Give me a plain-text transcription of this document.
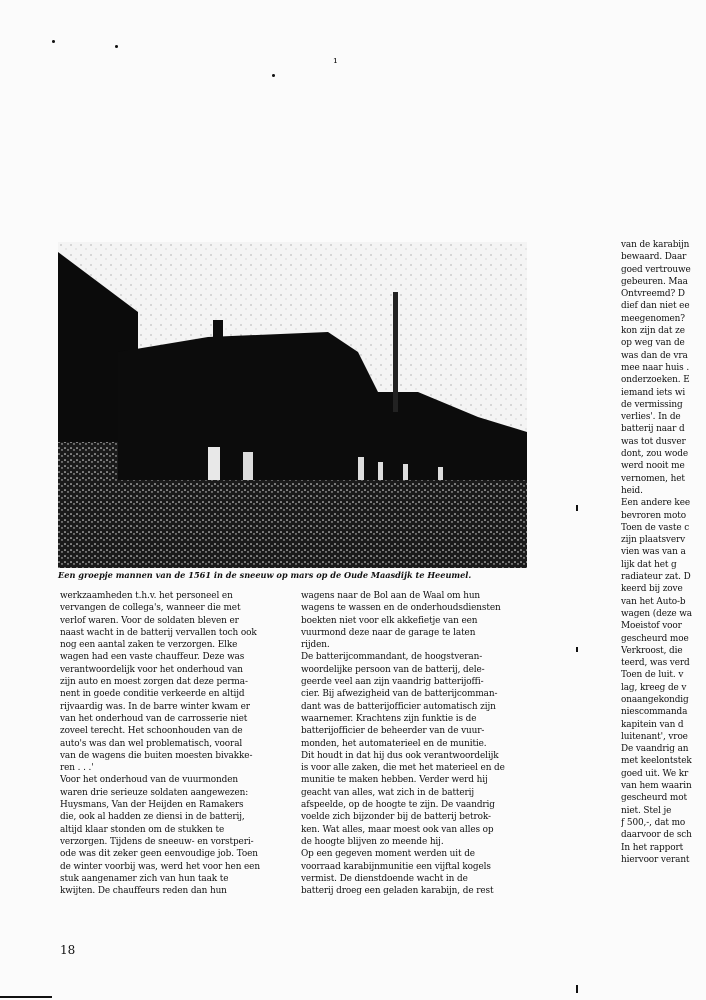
¹
Een groepje mannen van de 1561 in de sneeuw op mars op de Oude Maasdijk te Heeumel.
werkzaamheden t.h.v. het personeel en
vervangen de collega's, wanneer die met
verlof waren. Voor de soldaten bleven er
naast wacht in de batterij vervallen toch ook
nog een aantal zaken te verzorgen. Elke
wagen had een vaste chauffeur. Deze was
verantwoordelijk voor het onderhoud van
zijn auto en moest zorgen dat deze perma-
nent in goede conditie verkeerde en altijd
rijvaardig was. In de barre winter kwam er
van het onderhoud van de carrosserie niet
zoveel terecht. Het schoonhouden van de
auto's was dan wel problematisch, vooral
van de wagens die buiten moesten bivakke-
ren . . .'
Voor het onderhoud van de vuurmonden
waren drie serieuze soldaten aangewezen:
Huysmans, Van der Heijden en Ramakers
die, ook al hadden ze diensi in de batterij,
altijd klaar stonden om de stukken te
verzorgen. Tijdens de sneeuw- en vorstperi-
ode was dit zeker geen eenvoudige job. Toen
de winter voorbij was, werd het voor hen een
stuk aangenamer zich van hun taak te
kwijten. De chauffeurs reden dan hun
wagens naar de Bol aan de Waal om hun
wagens te wassen en de onderhoudsdiensten
boekten niet voor elk akkefietje van een
vuurmond deze naar de garage te laten
rijden.
De batterijcommandant, de hoogstveran-
woordelijke persoon van de batterij, dele-
geerde veel aan zijn vaandrig batterijoffi-
cier. Bij afwezigheid van de batterijcomman-
dant was de batterijofficier automatisch zijn
waarnemer. Krachtens zijn funktie is de
batterijofficier de beheerder van de vuur-
monden, het automaterieel en de munitie.
Dit houdt in dat hij dus ook verantwoordelijk
is voor alle zaken, die met het materieel en de
munitie te maken hebben. Verder werd hij
geacht van alles, wat zich in de batterij
afspeelde, op de hoogte te zijn. De vaandrig
voelde zich bijzonder bij de batterij betrok-
ken. Wat alles, maar moest ook van alles op
de hoogte blijven zo meende hij.
Op een gegeven moment werden uit de
voorraad karabijnmunitie een vijftal kogels
vermist. De dienstdoende wacht in de
batterij droeg een geladen karabijn, de rest
van de karabijn
bewaard. Daar
goed vertrouwe
gebeuren. Maa
Ontvreemd? D
dief dan niet ee
meegenomen?
kon zijn dat ze
op weg van de
was dan de vra
mee naar huis .
onderzoeken. E
iemand iets wi
de vermissing
verlies'. In de
batterij naar d
was tot dusver
dont, zou wode
werd nooit me
vernomen, het
heid.
Een andere kee
bevroren moto
Toen de vaste c
zijn plaatsverv
vien was van a
lijk dat het g
radiateur zat. D
keerd bij zove
van het Auto-b
wagen (deze wa
Moeistof voor
gescheurd moe
Verkroost, die
teerd, was verd
Toen de luit. v
lag, kreeg de v
onaangekondig
niescommanda
kapitein van d
luitenant', vroe
De vaandrig an
met keelontstek
goed uit. We kr
van hem waarin
gescheurd mot
niet. Stel je
ƒ 500,-, dat mo
daarvoor de sch
In het rapport
hiervoor verant
18
